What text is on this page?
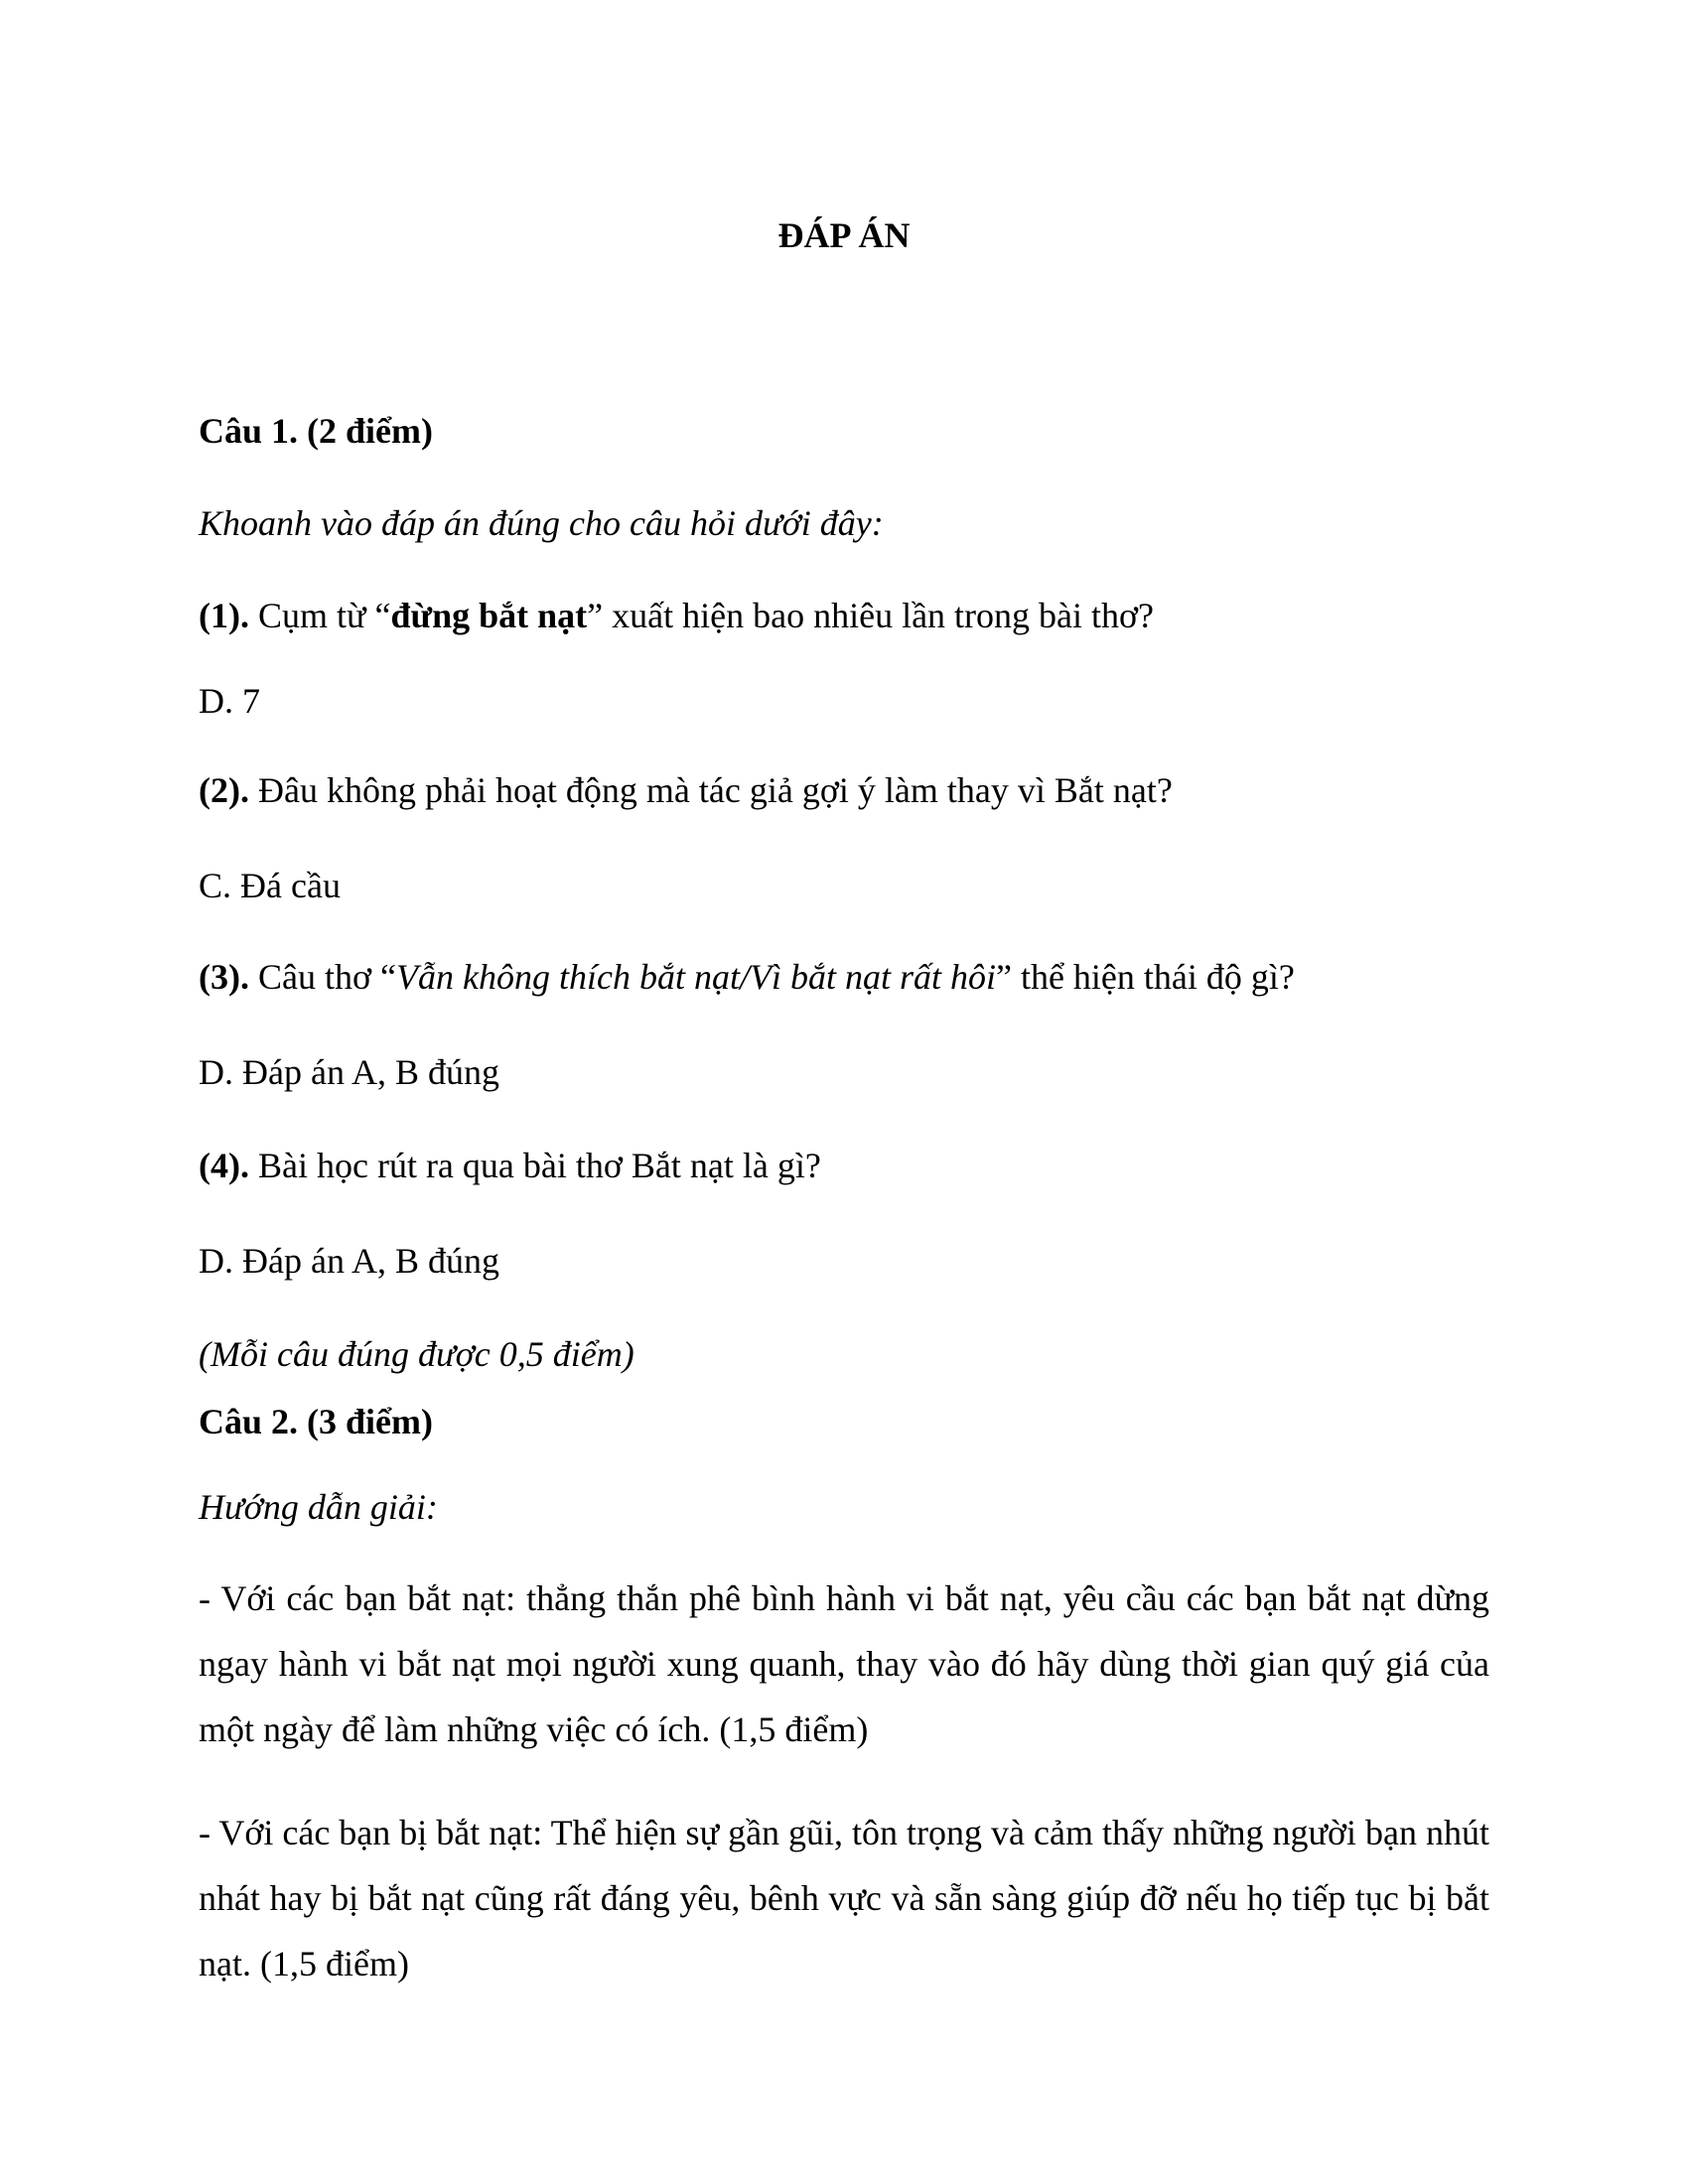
ĐÁP ÁN
Câu 1. (2 điểm)
Khoanh vào đáp án đúng cho câu hỏi dưới đây:
(1). Cụm từ “đừng bắt nạt” xuất hiện bao nhiêu lần trong bài thơ?
D. 7
(2). Đâu không phải hoạt động mà tác giả gợi ý làm thay vì Bắt nạt?
C. Đá cầu
(3). Câu thơ “Vẫn không thích bắt nạt/Vì bắt nạt rất hôi” thể hiện thái độ gì?
D. Đáp án A, B đúng
(4). Bài học rút ra qua bài thơ Bắt nạt là gì?
D. Đáp án A, B đúng
(Mỗi câu đúng được 0,5 điểm)
Câu 2. (3 điểm)
Hướng dẫn giải:
- Với các bạn bắt nạt: thẳng thắn phê bình hành vi bắt nạt, yêu cầu các bạn bắt nạt dừng ngay hành vi bắt nạt mọi người xung quanh, thay vào đó hãy dùng thời gian quý giá của một ngày để làm những việc có ích. (1,5 điểm)
- Với các bạn bị bắt nạt: Thể hiện sự gần gũi, tôn trọng và cảm thấy những người bạn nhút nhát hay bị bắt nạt cũng rất đáng yêu, bênh vực và sẵn sàng giúp đỡ nếu họ tiếp tục bị bắt nạt. (1,5 điểm)
